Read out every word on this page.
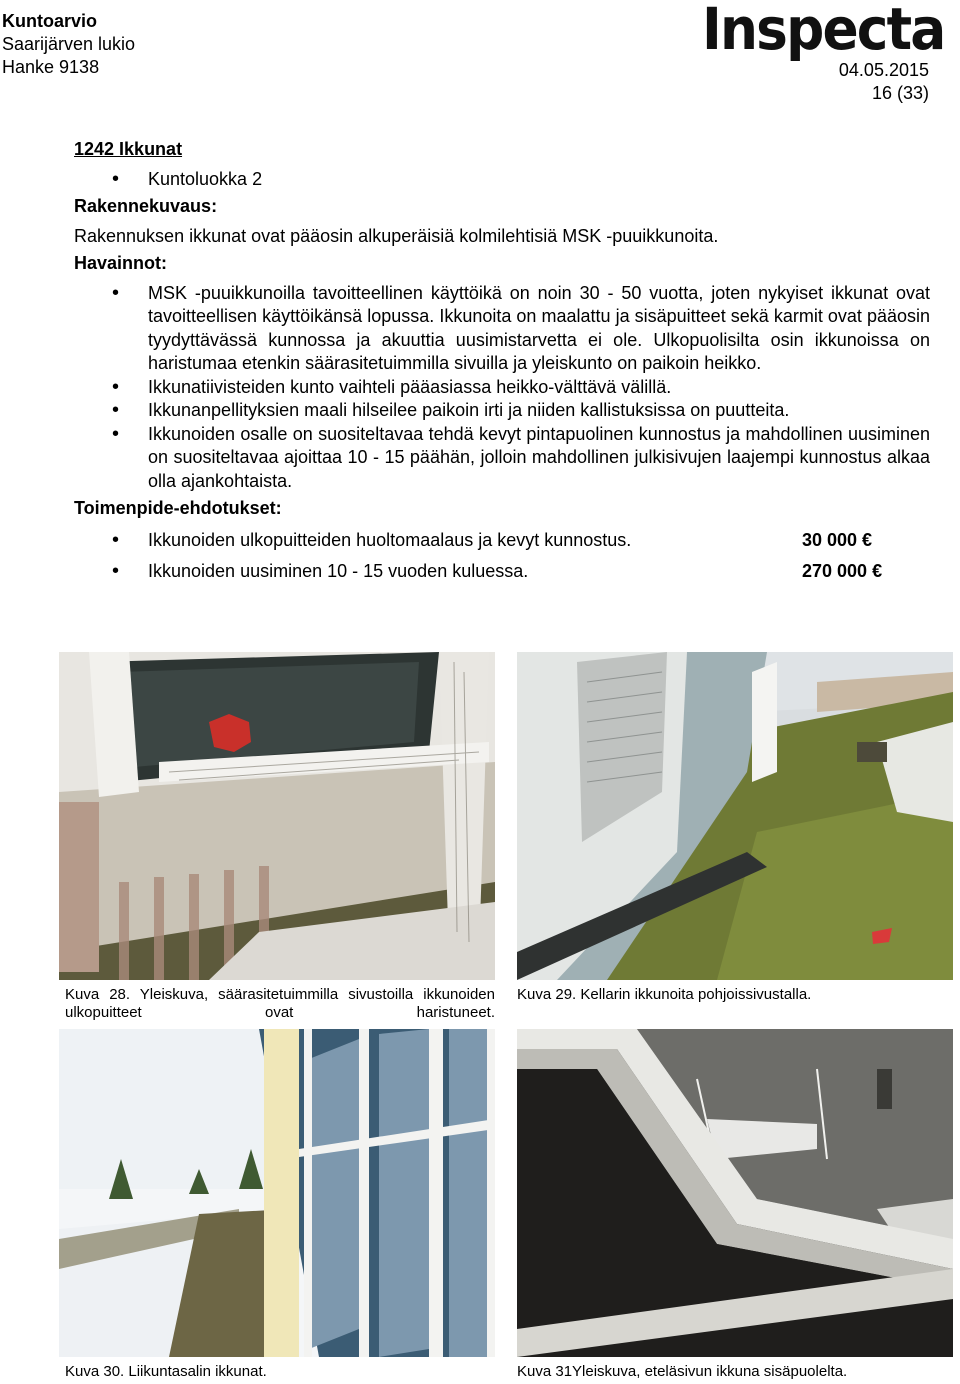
Kuntoarvio
Saarijärven lukio
Hanke 9138
Inspecta
04.05.2015
16 (33)
1242 Ikkunat
• Kuntoluokka 2
Rakennekuvaus:
Rakennuksen ikkunat ovat pääosin alkuperäisiä kolmilehtisiä MSK -puuikkunoita.
Havainnot:
• MSK -puuikkunoilla tavoitteellinen käyttöikä on noin 30 - 50 vuotta, joten nykyiset ikkunat ovat tavoitteellisen käyttöikänsä lopussa. Ikkunoita on maalattu ja sisäpuitteet sekä karmit ovat pääosin tyydyttävässä kunnossa ja akuuttia uusimistarvetta ei ole. Ulkopuolisilta osin ikkunoissa on haristumaa etenkin säärasitetuimmilla sivuilla ja yleiskunto on paikoin heikko.
• Ikkunatiivisteiden kunto vaihteli pääasiassa heikko-välttävä välillä.
• Ikkunanpellityksien maali hilseilee paikoin irti ja niiden kallistuksissa on puutteita.
• Ikkunoiden osalle on suositeltavaa tehdä kevyt pintapuolinen kunnostus ja mahdollinen uusiminen on suositeltavaa ajoittaa 10 - 15 päähän, jolloin mahdollinen julkisivujen laajempi kunnostus alkaa olla ajankohtaista.
Toimenpide-ehdotukset:
• Ikkunoiden ulkopuitteiden huoltomaalaus ja kevyt kunnostus.	30 000 €
• Ikkunoiden uusiminen 10 - 15 vuoden kuluessa.	270 000 €
Kuva 28. Yleiskuva, säärasitetuimmilla sivustoilla ikkunoiden ulkopuitteet ovat haristuneet.
Kuva 29. Kellarin ikkunoita pohjoissivustalla.
Kuva 30. Liikuntasalin ikkunat.	Kuva 31Yleiskuva, eteläsivun ikkuna sisäpuolelta.
